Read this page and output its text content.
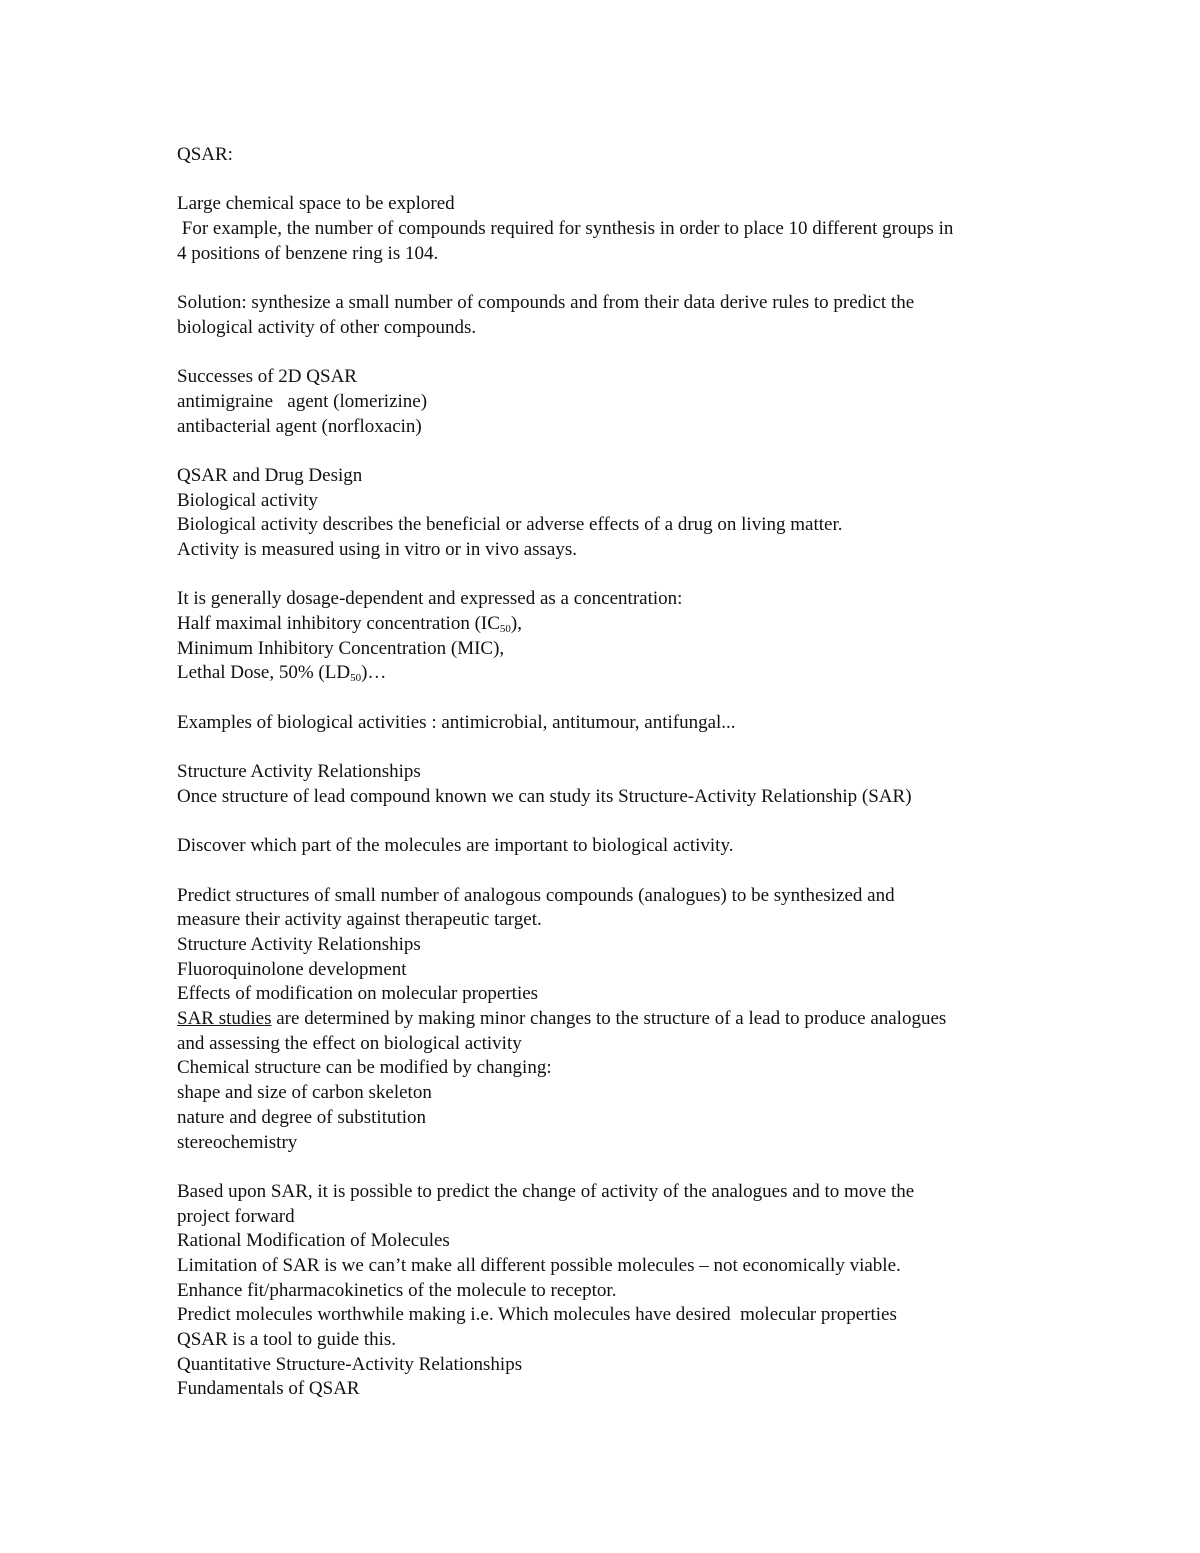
QSAR:
Large chemical space to be explored
For example, the number of compounds required for synthesis in order to place 10 different groups in
4 positions of benzene ring is 104.
Solution: synthesize a small number of compounds and from their data derive rules to predict the
biological activity of other compounds.
Successes of 2D QSAR
antimigraine   agent (lomerizine)
antibacterial agent (norfloxacin)
QSAR and Drug Design
Biological activity
Biological activity describes the beneficial or adverse effects of a drug on living matter.
Activity is measured using in vitro or in vivo assays.
It is generally dosage-dependent and expressed as a concentration:
Half maximal inhibitory concentration $(IC_{50})$,
Minimum Inhibitory Concentration (MIC),
Lethal Dose, 50% $(LD_{50})\dots$
Examples of biological activities : antimicrobial, antitumour, antifungal...
Structure Activity Relationships
Once structure of lead compound known we can study its Structure-Activity Relationship (SAR)
Discover which part of the molecules are important to biological activity.
Predict structures of small number of analogous compounds (analogues) to be synthesized and
measure their activity against therapeutic target.
Structure Activity Relationships
Fluoroquinolone development
Effects of modification on molecular properties
SAR studies are determined by making minor changes to the structure of a lead to produce analogues
and assessing the effect on biological activity
Chemical structure can be modified by changing:
shape and size of carbon skeleton
nature and degree of substitution
stereochemistry
Based upon SAR, it is possible to predict the change of activity of the analogues and to move the
project forward
Rational Modification of Molecules
Limitation of SAR is we can’t make all different possible molecules – not economically viable.
Enhance fit/pharmacokinetics of the molecule to receptor.
Predict molecules worthwhile making i.e. Which molecules have desired  molecular properties
QSAR is a tool to guide this.
Quantitative Structure-Activity Relationships
Fundamentals of QSAR
